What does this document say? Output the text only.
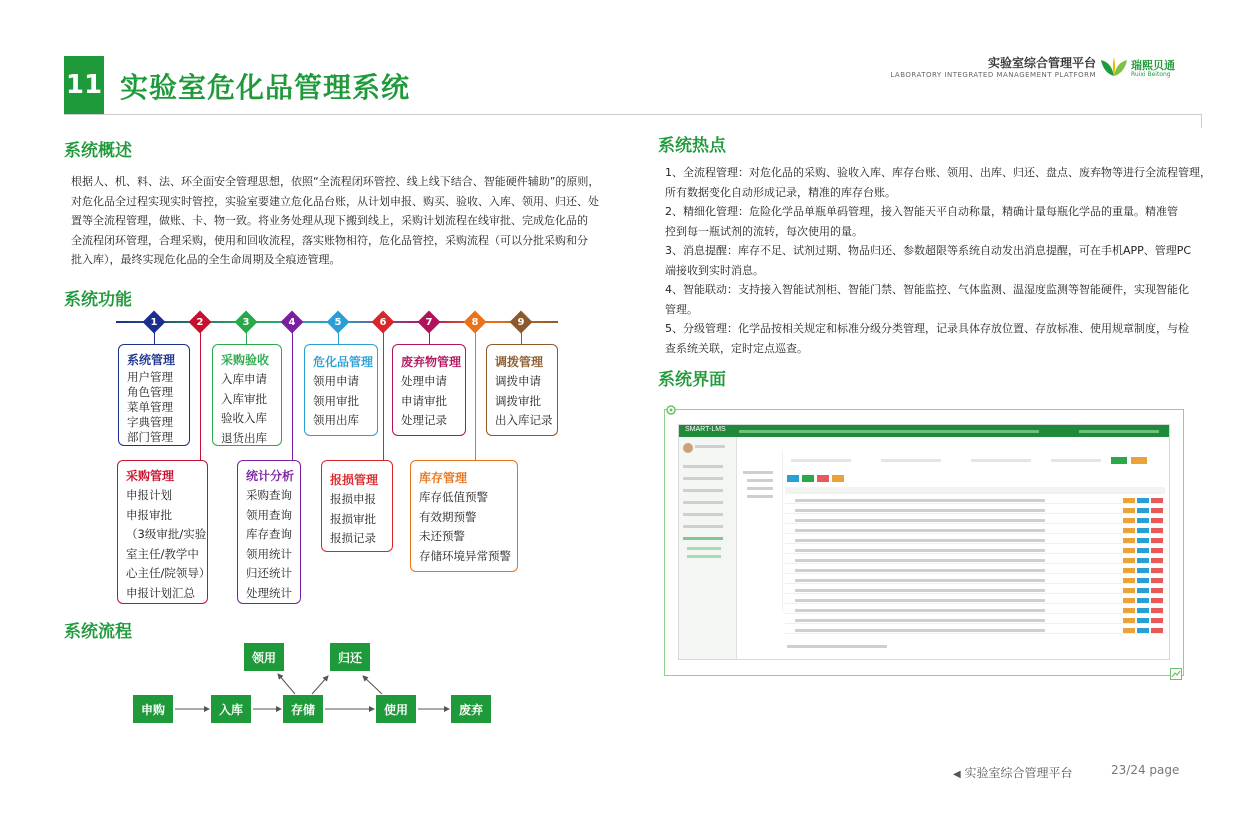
11 实验室危化品管理系统
实验室综合管理平台
LABORATORY INTEGRATED MANAGEMENT PLATFORM
瑞熙贝通
Ruixi Beitong
系统概述

根据人、机、料、法、环全面安全管理思想，依照“全流程闭环管控、线上线下结合、智能硬件辅助”的原则，

对危化品全过程实现实时管控，实验室要建立危化品台账，从计划申报、购买、验收、入库、领用、归还、处

置等全流程管理，做账、卡、物一致。将业务处理从现下搬到线上，采购计划流程在线审批、完成危化品的

全流程闭环管理，合理采购，使用和回收流程，落实账物相符，危化品管控，采购流程（可以分批采购和分

批入库），最终实现危化品的全生命周期及全痕迹管理。

系统功能
1	2	3	4	5	6	7	8	9
系统管理
用户管理
角色管理
菜单管理
字典管理
部门管理
采购验收
入库申请
入库审批
验收入库
退货出库
危化品管理
领用申请
领用审批
领用出库
废弃物管理
处理申请
申请审批
处理记录
调拨管理
调拨申请
调拨审批
出入库记录
采购管理
申报计划
申报审批
（3级审批/实验
室主任/教学中
心主任/院领导）
申报计划汇总
统计分析
采购查询
领用查询
库存查询
领用统计
归还统计
处理统计
报损管理
报损申报
报损审批
报损记录
库存管理
库存低值预警
有效期预警
未还预警
存储环境异常预警
系统流程
领用	归还
申购	入库	存储	使用	废弃
系统热点

1、全流程管理：对危化品的采购、验收入库、库存台账、领用、出库、归还、盘点、废弃物等进行全流程管理，

所有数据变化自动形成记录，精准的库存台账。

2、精细化管理：危险化学品单瓶单码管理，接入智能天平自动称量，精确计量每瓶化学品的重量。精准管

控到每一瓶试剂的流转，每次使用的量。

3、消息提醒：库存不足、试剂过期、物品归还、参数超限等系统自动发出消息提醒，可在手机APP、管理PC

端接收到实时消息。

4、智能联动：支持接入智能试剂柜、智能门禁、智能监控、气体监测、温湿度监测等智能硬件，实现智能化

管理。

5、分级管理：化学品按相关规定和标准分级分类管理，记录具体存放位置、存放标准、使用规章制度，与检

查系统关联，定时定点巡查。

系统界面
SMART-LMS
◀ 实验室综合管理平台	23/24 page
